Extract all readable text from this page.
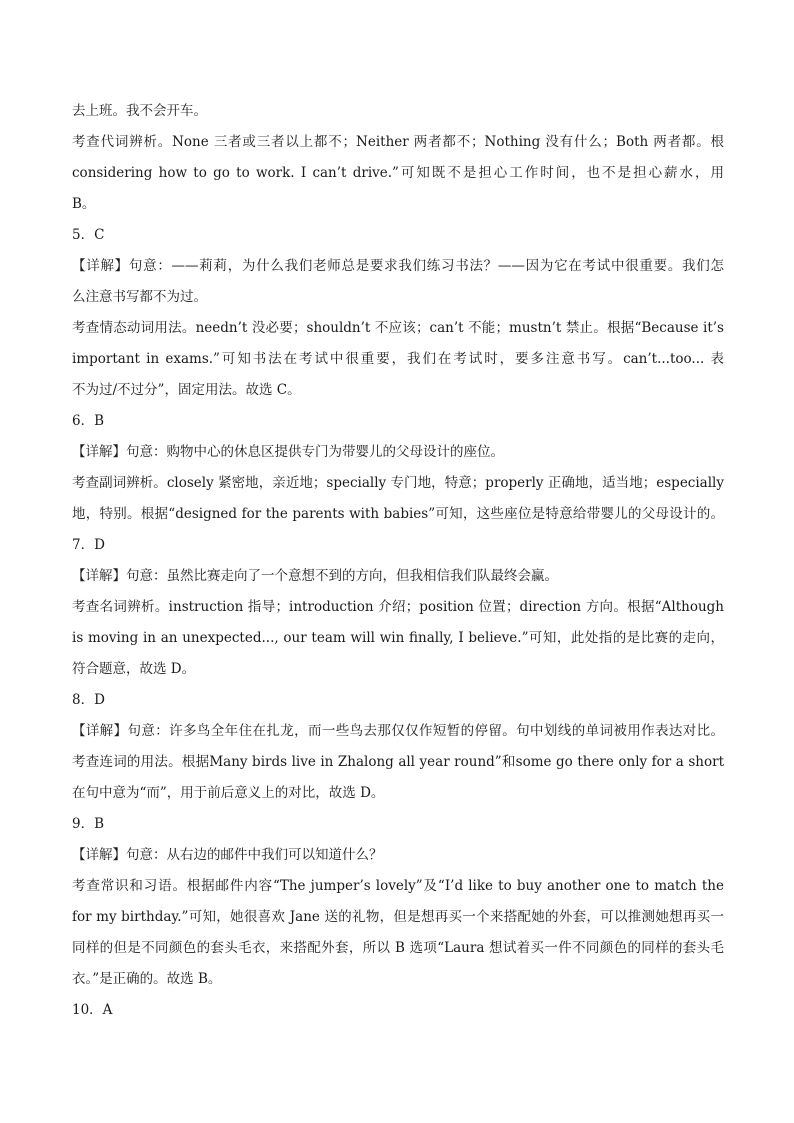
去上班。我不会开车。
考查代词辨析。None 三者或三者以上都不；Neither 两者都不；Nothing 没有什么；Both 两者都。根
considering how to go to work. I can’t drive.”可知既不是担心工作时间，也不是担心薪水，用
B。
5．C
【详解】句意：——莉莉，为什么我们老师总是要求我们练习书法？——因为它在考试中很重要。我们怎
么注意书写都不为过。
考查情态动词用法。needn’t 没必要；shouldn’t 不应该；can’t 不能；mustn’t 禁止。根据“Because it’s
important in exams.”可知书法在考试中很重要，我们在考试时，要多注意书写。can’t...too... 表
不为过/不过分”，固定用法。故选 C。
6．B
【详解】句意：购物中心的休息区提供专门为带婴儿的父母设计的座位。
考查副词辨析。closely 紧密地，亲近地；specially 专门地，特意；properly 正确地，适当地；especially
地，特别。根据“designed for the parents with babies”可知，这些座位是特意给带婴儿的父母设计的。
7．D
【详解】句意：虽然比赛走向了一个意想不到的方向，但我相信我们队最终会赢。
考查名词辨析。instruction 指导；introduction 介绍；position 位置；direction 方向。根据“Although
is moving in an unexpected..., our team will win finally, I believe.”可知，此处指的是比赛的走向，
符合题意，故选 D。
8．D
【详解】句意：许多鸟全年住在扎龙，而一些鸟去那仅仅作短暂的停留。句中划线的单词被用作表达对比。
考查连词的用法。根据Many birds live in Zhalong all year round”和some go there only for a short
在句中意为“而”，用于前后意义上的对比，故选 D。
9．B
【详解】句意：从右边的邮件中我们可以知道什么？
考查常识和习语。根据邮件内容“The jumper’s lovely”及“I’d like to buy another one to match the
for my birthday.”可知，她很喜欢 Jane 送的礼物，但是想再买一个来搭配她的外套，可以推测她想再买一
同样的但是不同颜色的套头毛衣，来搭配外套，所以 B 选项“Laura 想试着买一件不同颜色的同样的套头毛
衣。”是正确的。故选 B。
10．A
